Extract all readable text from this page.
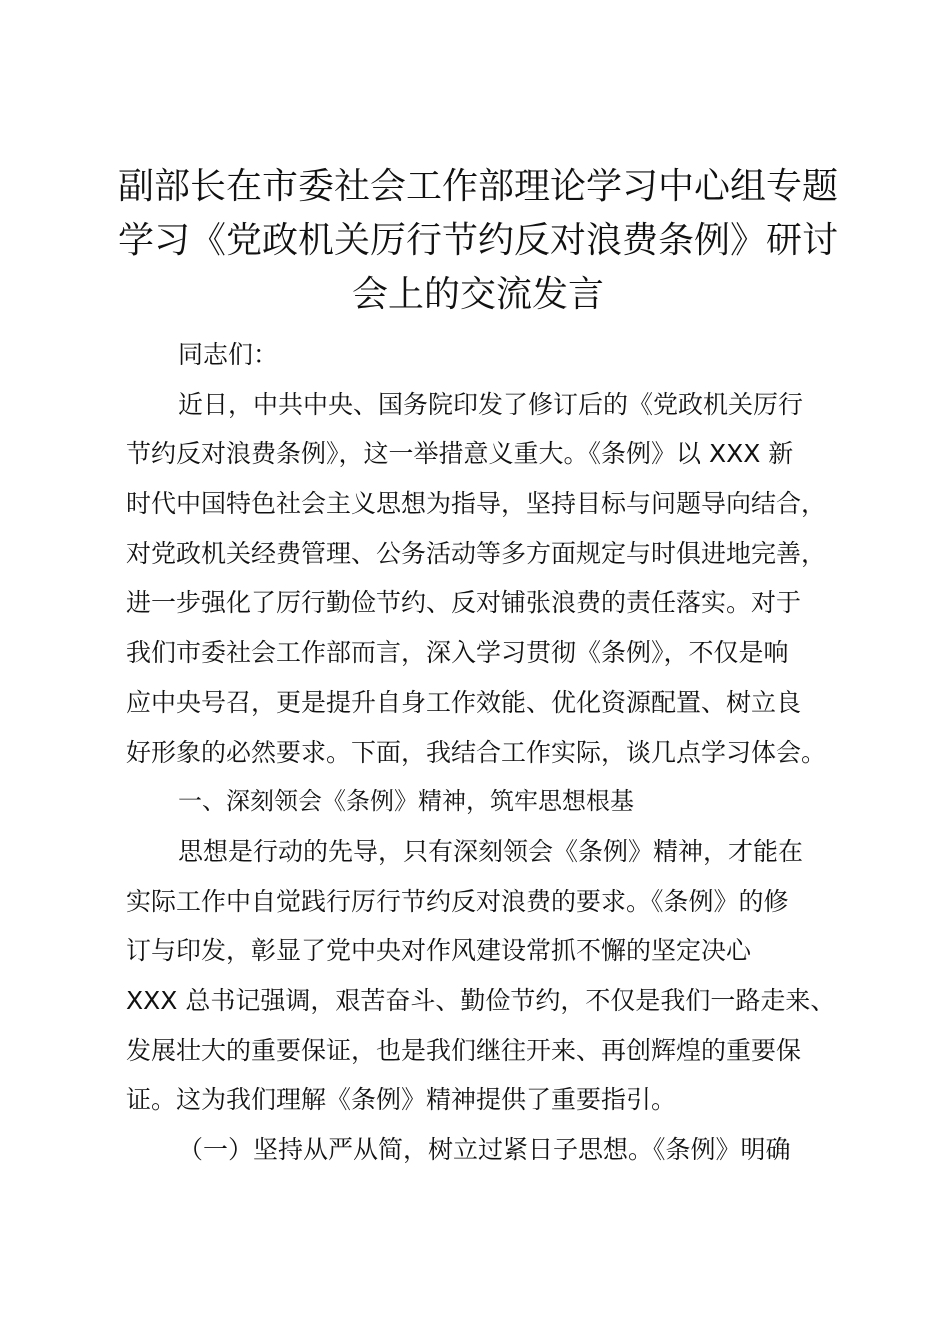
副部长在市委社会工作部理论学习中心组专题
学习《党政机关厉行节约反对浪费条例》研讨
会上的交流发言
同志们：
近日，中共中央、国务院印发了修订后的《党政机关厉行
节约反对浪费条例》，这一举措意义重大。《条例》以 XXX 新
时代中国特色社会主义思想为指导，坚持目标与问题导向结合，
对党政机关经费管理、公务活动等多方面规定与时俱进地完善，
进一步强化了厉行勤俭节约、反对铺张浪费的责任落实。对于
我们市委社会工作部而言，深入学习贯彻《条例》，不仅是响
应中央号召，更是提升自身工作效能、优化资源配置、树立良
好形象的必然要求。下面，我结合工作实际，谈几点学习体会。
一、深刻领会《条例》精神，筑牢思想根基
思想是行动的先导，只有深刻领会《条例》精神，才能在
实际工作中自觉践行厉行节约反对浪费的要求。《条例》的修
订与印发，彰显了党中央对作风建设常抓不懈的坚定决心
XXX 总书记强调，艰苦奋斗、勤俭节约，不仅是我们一路走来、
发展壮大的重要保证，也是我们继往开来、再创辉煌的重要保
证。这为我们理解《条例》精神提供了重要指引。
（一）坚持从严从简，树立过紧日子思想。《条例》明确
